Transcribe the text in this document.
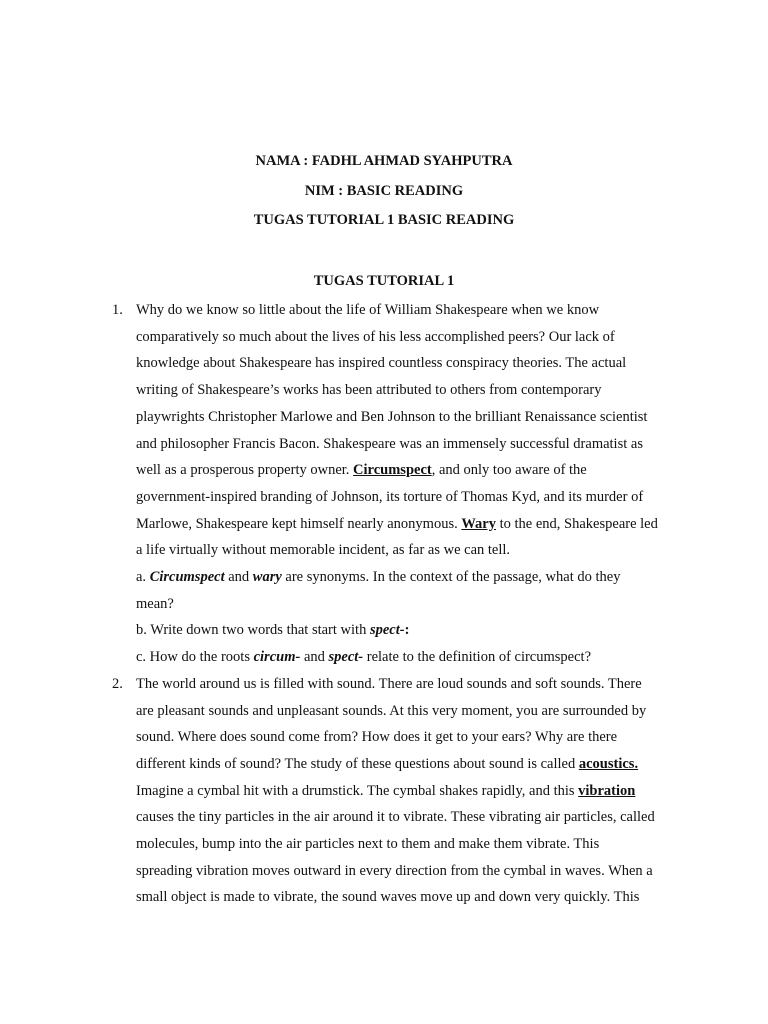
NAMA : FADHL AHMAD SYAHPUTRA
NIM : BASIC READING
TUGAS TUTORIAL 1 BASIC READING
TUGAS TUTORIAL 1
1. Why do we know so little about the life of William Shakespeare when we know
comparatively so much about the lives of his less accomplished peers? Our lack of
knowledge about Shakespeare has inspired countless conspiracy theories. The actual
writing of Shakespeare’s works has been attributed to others from contemporary
playwrights Christopher Marlowe and Ben Johnson to the brilliant Renaissance scientist
and philosopher Francis Bacon. Shakespeare was an immensely successful dramatist as
well as a prosperous property owner. Circumspect, and only too aware of the
government-inspired branding of Johnson, its torture of Thomas Kyd, and its murder of
Marlowe, Shakespeare kept himself nearly anonymous. Wary to the end, Shakespeare led
a life virtually without memorable incident, as far as we can tell.
a. Circumspect and wary are synonyms. In the context of the passage, what do they
mean?
b. Write down two words that start with spect-:
c. How do the roots circum- and spect- relate to the definition of circumspect?
2. The world around us is filled with sound. There are loud sounds and soft sounds. There
are pleasant sounds and unpleasant sounds. At this very moment, you are surrounded by
sound. Where does sound come from? How does it get to your ears? Why are there
different kinds of sound? The study of these questions about sound is called acoustics.
Imagine a cymbal hit with a drumstick. The cymbal shakes rapidly, and this vibration
causes the tiny particles in the air around it to vibrate. These vibrating air particles, called
molecules, bump into the air particles next to them and make them vibrate. This
spreading vibration moves outward in every direction from the cymbal in waves. When a
small object is made to vibrate, the sound waves move up and down very quickly. This
